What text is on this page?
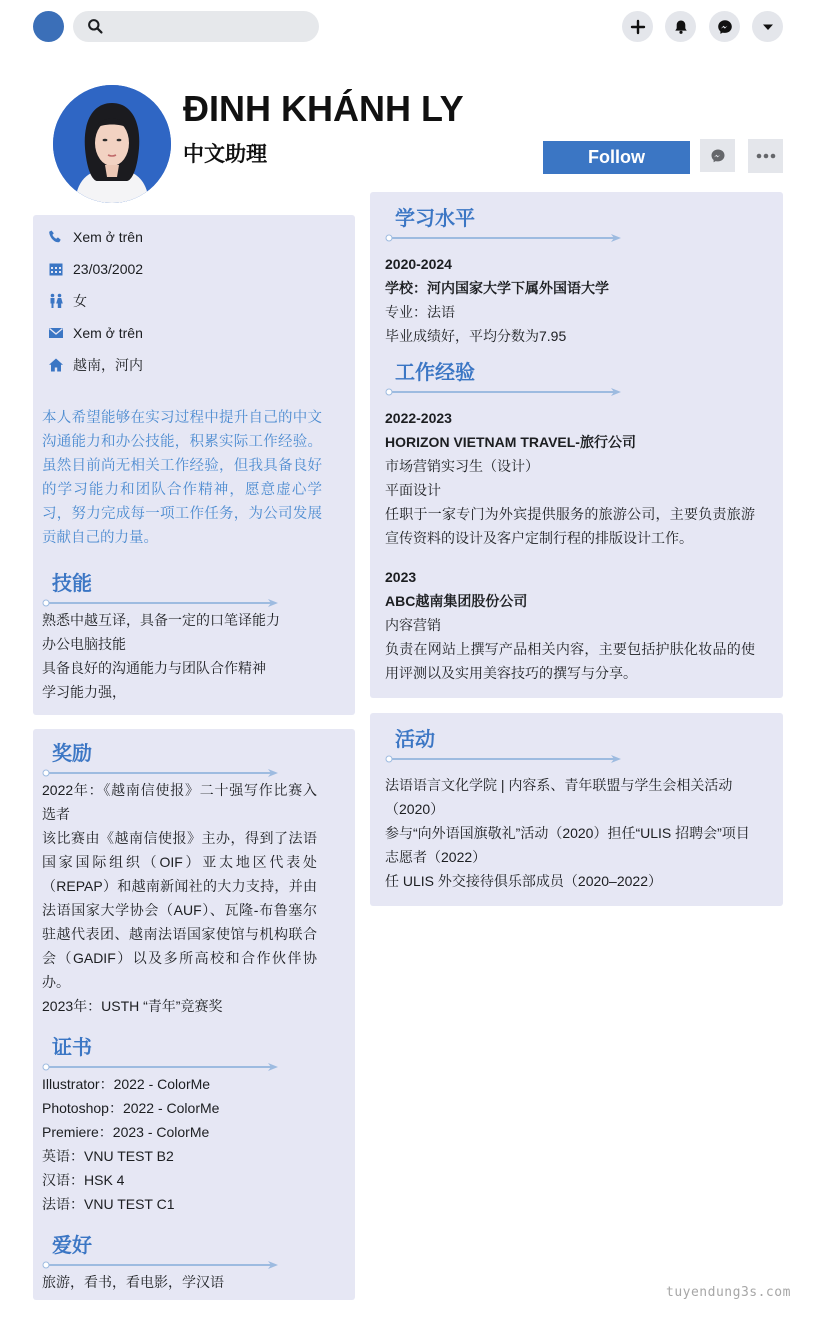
ĐINH KHÁNH LY
中文助理	Follow
Xem ở trên
23/03/2002
女
Xem ở trên
越南，河内
本人希望能够在实习过程中提升自己的中文沟通能力和办公技能，积累实际工作经验。虽然目前尚无相关工作经验，但我具备良好的学习能力和团队合作精神，愿意虚心学习，努力完成每一项工作任务，为公司发展贡献自己的力量。
技能
熟悉中越互译，具备一定的口笔译能力
办公电脑技能
具备良好的沟通能力与团队合作精神
学习能力强，
奖励
2022年：《越南信使报》二十强写作比赛入选者
该比赛由《越南信使报》主办，得到了法语国家国际组织（OIF）亚太地区代表处（REPAP）和越南新闻社的大力支持，并由法语国家大学协会（AUF）、瓦隆-布鲁塞尔驻越代表团、越南法语国家使馆与机构联合会（GADIF）以及多所高校和合作伙伴协办。
2023年：USTH “青年”竞赛奖
证书
Illustrator：2022 - ColorMe
Photoshop：2022 - ColorMe
Premiere：2023 - ColorMe
英语：VNU TEST B2
汉语：HSK 4
法语：VNU TEST C1
爱好
旅游，看书，看电影，学汉语
学习水平
2020-2024
学校：河内国家大学下属外国语大学
专业：法语
毕业成绩好，平均分数为7.95
工作经验
2022-2023
HORIZON VIETNAM TRAVEL-旅行公司
市场营销实习生（设计）
平面设计
任职于一家专门为外宾提供服务的旅游公司，主要负责旅游宣传资料的设计及客户定制行程的排版设计工作。
2023
ABC越南集团股份公司
内容营销
负责在网站上撰写产品相关内容，主要包括护肤化妆品的使用评测以及实用美容技巧的撰写与分享。
活动
法语语言文化学院 | 内容系、青年联盟与学生会相关活动（2020）
参与“向外语国旗敬礼”活动（2020）担任“ULIS 招聘会”项目志愿者（2022）
任 ULIS 外交接待俱乐部成员（2020–2022）
tuyendung3s.com
